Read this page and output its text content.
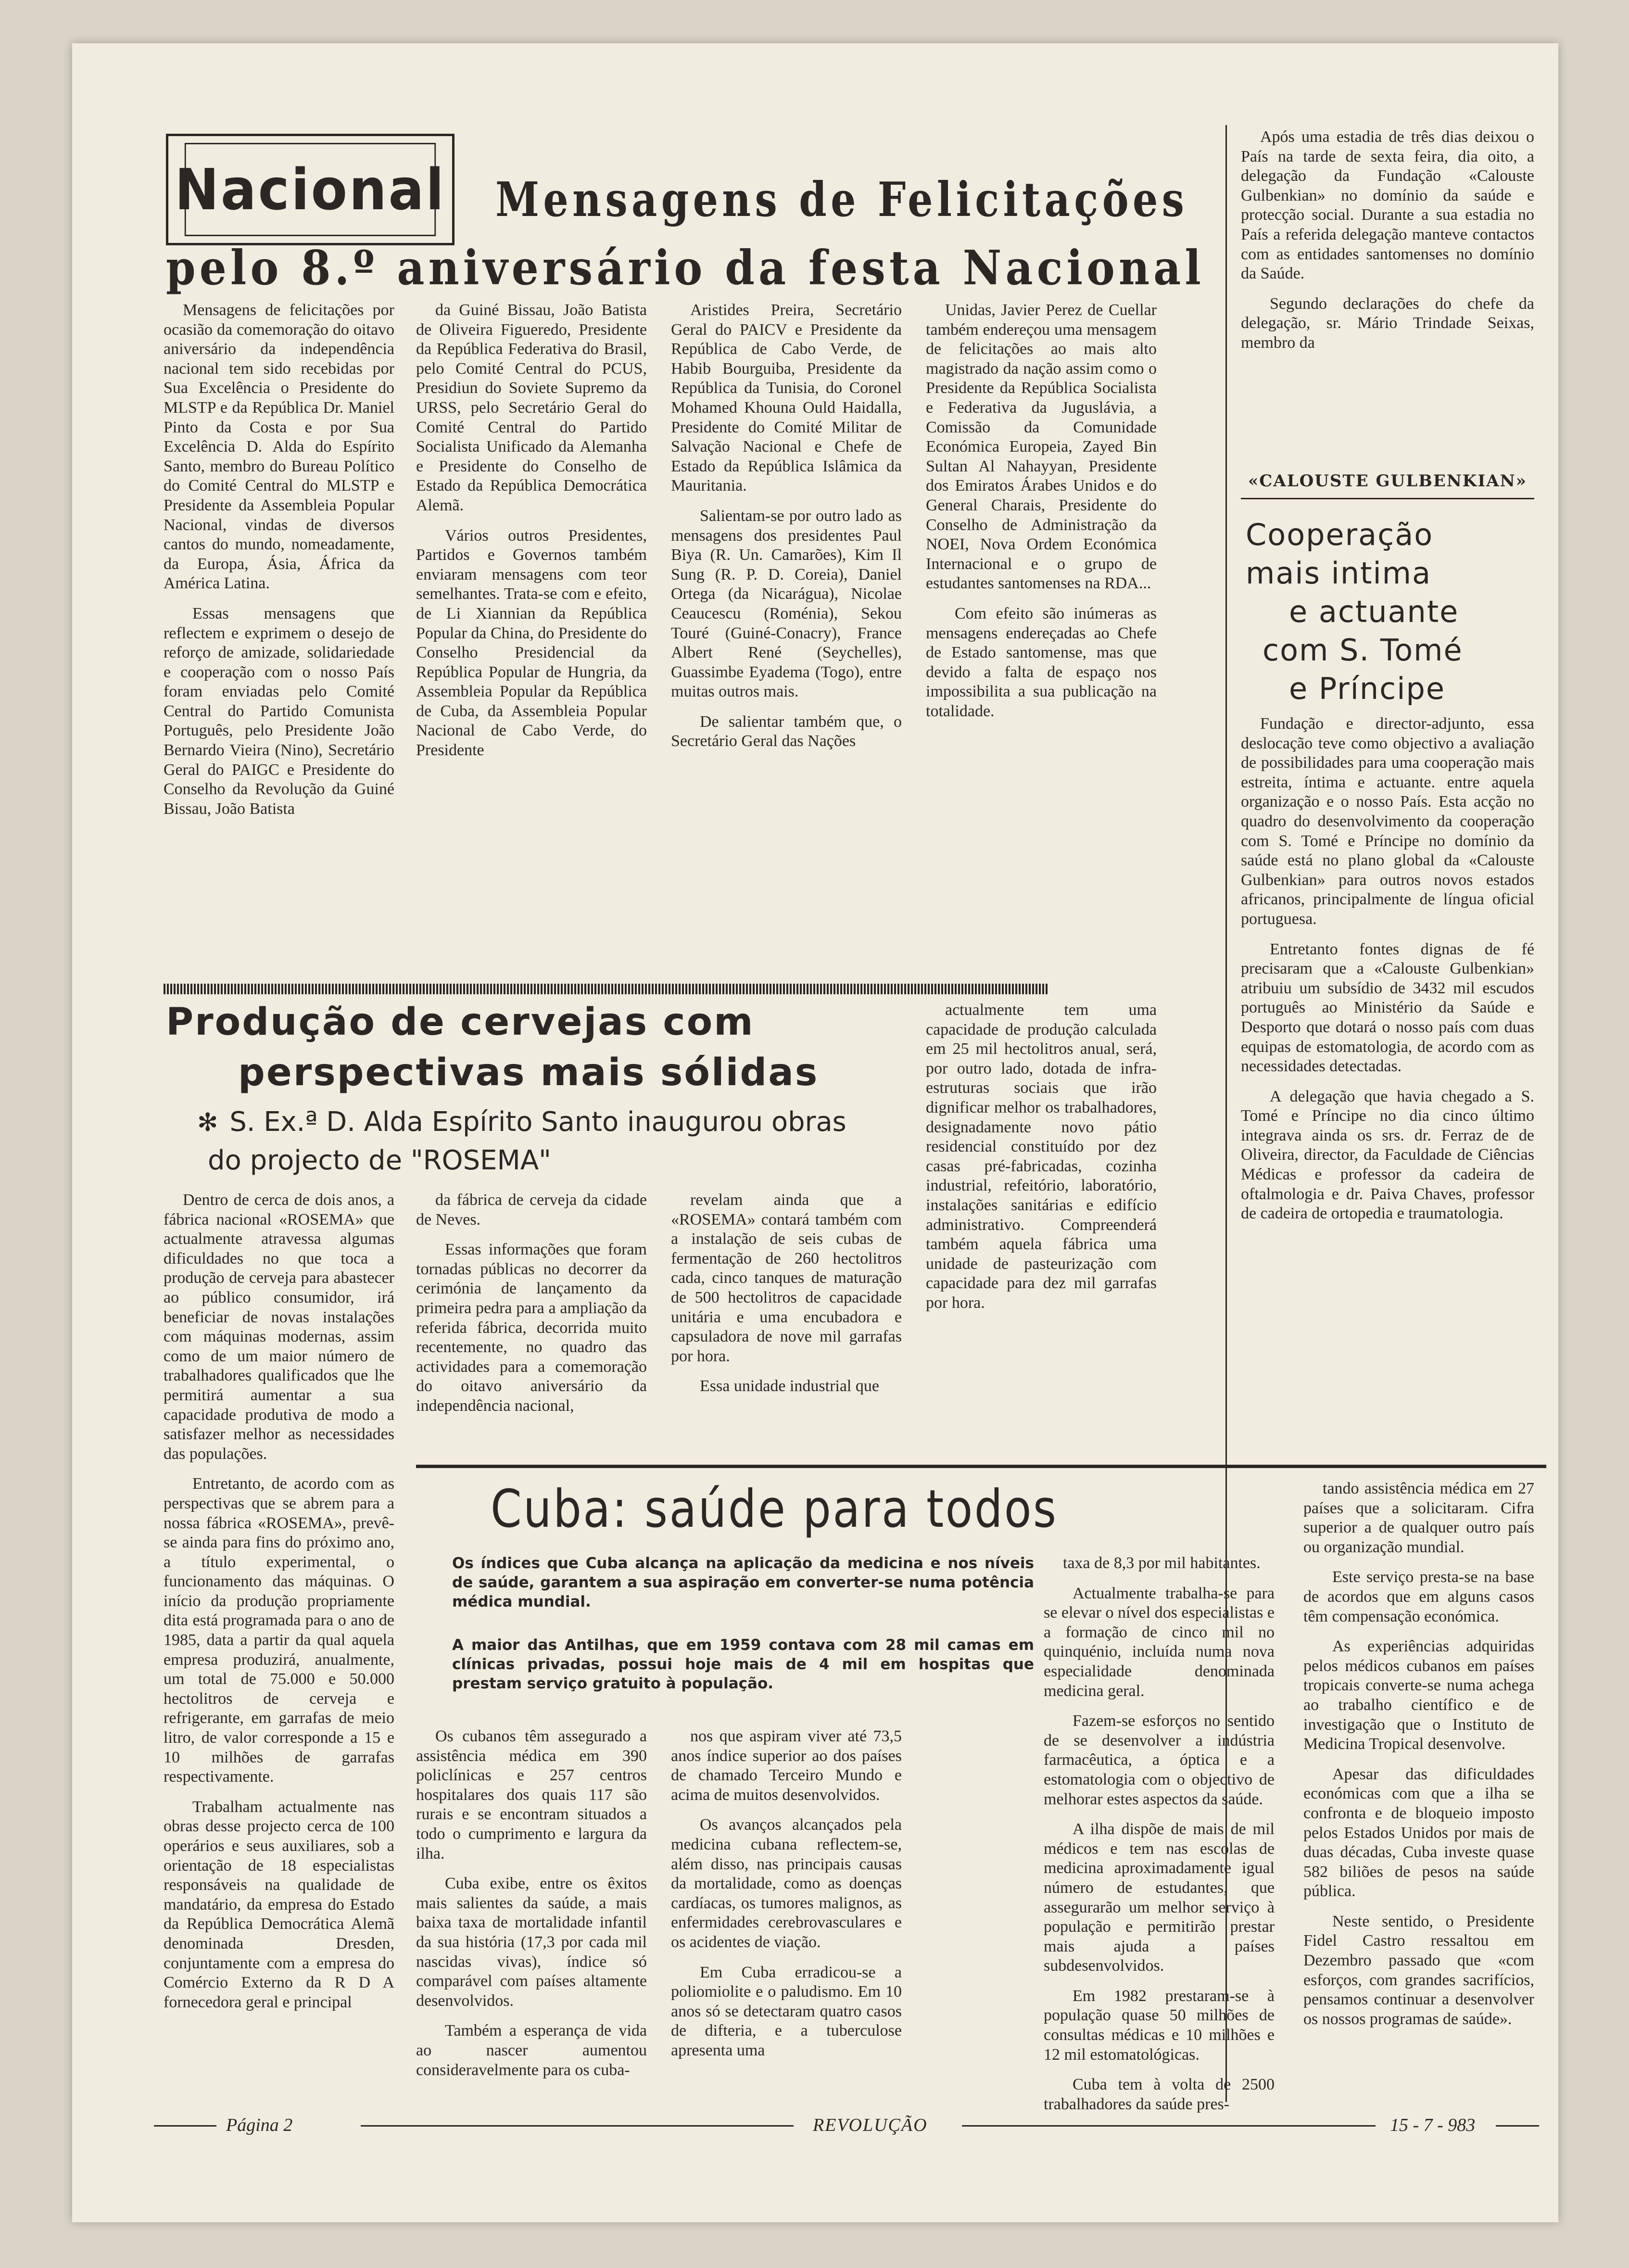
Nacional Mensagens de Felicitações
pelo 8.º aniversário da festa Nacional

Mensagens de felicitações por ocasião da comemoração do oitavo aniversário da independência nacional tem sido recebidas por Sua Excelência o Presidente do MLSTP e da República Dr. Maniel Pinto da Costa e por Sua Excelência D. Alda do Espírito Santo, membro do Bureau Político do Comité Central do MLSTP e Presidente da Assembleia Popular Nacional, vindas de diversos cantos do mundo, nomeadamente, da Europa, Ásia, África da América Latina.

Essas mensagens que reflectem e exprimem o desejo de reforço de amizade, solidariedade e cooperação com o nosso País foram enviadas pelo Comité Central do Partido Comunista Português, pelo Presidente João Bernardo Vieira (Nino), Secretário Geral do PAIGC e Presidente do Conselho da Revolução da Guiné Bissau, João Batista

da Guiné Bissau, João Batista de Oliveira Figueredo, Presidente da República Federativa do Brasil, pelo Comité Central do PCUS, Presidiun do Soviete Supremo da URSS, pelo Secretário Geral do Comité Central do Partido Socialista Unificado da Alemanha e Presidente do Conselho de Estado da República Democrática Alemã.

Vários outros Presidentes, Partidos e Governos também enviaram mensagens com teor semelhantes. Trata-se com e efeito, de Li Xiannian da República Popular da China, do Presidente do Conselho Presidencial da República Popular de Hungria, da Assembleia Popular da República de Cuba, da Assembleia Popular Nacional de Cabo Verde, do Presidente

Aristides Preira, Secretário Geral do PAICV e Presidente da República de Cabo Verde, de Habib Bourguiba, Presidente da República da Tunisia, do Coronel Mohamed Khouna Ould Haidalla, Presidente do Comité Militar de Salvação Nacional e Chefe de Estado da República Islâmica da Mauritania.

Salientam-se por outro lado as mensagens dos presidentes Paul Biya (R. Un. Camarões), Kim Il Sung (R. P. D. Coreia), Daniel Ortega (da Nicarágua), Nicolae Ceaucescu (Roménia), Sekou Touré (Guiné-Conacry), France Albert René (Seychelles), Guassimbe Eyadema (Togo), entre muitas outros mais.

De salientar também que, o Secretário Geral das Nações

Unidas, Javier Perez de Cuellar também endereçou uma mensagem de felicitações ao mais alto magistrado da nação assim como o Presidente da República Socialista e Federativa da Jugusláviа, a Comissão da Comunidade Económica Europeia, Zayed Bin Sultan Al Nahayyan, Presidente dos Emiratos Árabes Unidos e do General Charais, Presidente do Conselho de Administração da NOEI, Nova Ordem Económica Internacional e o grupo de estudantes santomenses na RDA...

Com efeito são inúmeras as mensagens endereçadas ao Chefe de Estado santomense, mas que devido a falta de espaço nos impossibilita a sua publicação na totalidade.

Produção de cervejas com
perspectivas mais sólidas
✻ S. Ex.ª D. Alda Espírito Santo inaugurou obras
do projecto de "ROSEMA"

Dentro de cerca de dois anos, a fábrica nacional «ROSEMA» que actualmente atravessa algumas dificuldades no que toca a produção de cerveja para abastecer ao público consumidor, irá beneficiar de novas instalações com máquinas modernas, assim como de um maior número de trabalhadores qualificados que lhe permitirá aumentar a sua capacidade produtiva de modo a satisfazer melhor as necessidades das populações.

Entretanto, de acordo com as perspectivas que se abrem para a nossa fábrica «ROSEMA», prevê-se ainda para fins do próximo ano, a título experimental, o funcionamento das máquinas. O início da produção propriamente dita está programada para o ano de 1985, data a partir da qual aquela empresa produzirá, anualmente, um total de 75.000 e 50.000 hectolitros de cerveja e refrigerante, em garrafas de meio litro, de valor corresponde a 15 e 10 milhões de garrafas respectivamente.

Trabalham actualmente nas obras desse projecto cerca de 100 operários e seus auxiliares, sob a orientação de 18 especialistas responsáveis na qualidade de mandatário, da empresa do Estado da República Democrática Alemã denominada Dresden, conjuntamente com a empresa do Comércio Externo da R D A fornecedora geral e principal

da fábrica de cerveja da cidade de Neves.

Essas informações que foram tornadas públicas no decorrer da cerimónia de lançamento da primeira pedra para a ampliação da referida fábrica, decorrida muito recentemente, no quadro das actividades para a comemoração do oitavo aniversário da independência nacional,

revelam ainda que a «ROSEMA» contará também com a instalação de seis cubas de fermentação de 260 hectolitros cada, cinco tanques de maturação de 500 hectolitros de capacidade unitária e uma encubadora e capsuladora de nove mil garrafas por hora.

Essa unidade industrial que

actualmente tem uma capacidade de produção calculada em 25 mil hectolitros anual, será, por outro lado, dotada de infra-estruturas sociais que irão dignificar melhor os trabalhadores, designadamente novo pátio residencial constituído por dez casas pré-fabricadas, cozinha industrial, refeitório, laboratório, instalações sanitárias e edifício administrativo. Compreenderá também aquela fábrica uma unidade de pasteurização com capacidade para dez mil garrafas por hora.

Cuba: saúde para todos
Os índices que Cuba alcança na aplicação da medicina e nos níveis de saúde, garantem a sua aspiração em converter-se numa potência médica mundial.
A maior das Antilhas, que em 1959 contava com 28 mil camas em clínicas privadas, possui hoje mais de 4 mil em hospitas que prestam serviço gratuito à população.

Os cubanos têm assegurado a assistência médica em 390 policlínicas e 257 centros hospitalares dos quais 117 são rurais e se encontram situados a todo o cumprimento e largura da ilha.

Cuba exibe, entre os êxitos mais salientes da saúde, a mais baixa taxa de mortalidade infantil da sua história (17,3 por cada mil nascidas vivas), índice só comparável com países altamente desenvolvidos.

Também a esperança de vida ao nascer aumentou consideravelmente para os cuba-

nos que aspiram viver até 73,5 anos índice superior ao dos países de chamado Terceiro Mundo e acima de muitos desenvolvidos.

Os avanços alcançados pela medicina cubana reflectem-se, além disso, nas principais causas da mortalidade, como as doenças cardíacas, os tumores malignos, as enfermidades cerebrovasculares e os acidentes de viação.

Em Cuba erradicou-se a poliomiolite e o paludismo. Em 10 anos só se detectaram quatro casos de difteria, e a tuberculose apresenta uma

taxa de 8,3 por mil habitantes.

Actualmente trabalha-se para se elevar o nível dos especialistas e a formação de cinco mil no quinquénio, incluída numa nova especialidade denominada medicina geral.

Fazem-se esforços no sentido de se desenvolver a indústria farmacêutica, a óptica e a estomatologia com o objectivo de melhorar estes aspectos da saúde.

A ilha dispõe de mais de mil médicos e tem nas escolas de medicina aproximadamente igual número de estudantes, que assegurarão um melhor serviço à população e permitirão prestar mais ajuda a países subdesenvolvidos.

Em 1982 prestaram-se à população quase 50 milhões de consultas médicas e 10 milhões e 12 mil estomatológicas.

Cuba tem à volta de 2500 trabalhadores da saúde pres-

tando assistência médica em 27 países que a solicitaram. Cifra superior a de qualquer outro país ou organização mundial.

Este serviço presta-se na base de acordos que em alguns casos têm compensação económica.

As experiências adquiridas pelos médicos cubanos em países tropicais converte-se numa achega ao trabalho científico e de investigação que o Instituto de Medicina Tropical desenvolve.

Apesar das dificuldades económicas com que a ilha se confronta e de bloqueio imposto pelos Estados Unidos por mais de duas décadas, Cuba investe quase 582 biliões de pesos na saúde pública.

Neste sentido, o Presidente Fidel Castro ressaltou em Dezembro passado que «com esforços, com grandes sacrifícios, pensamos continuar a desenvolver os nossos programas de saúde».

Após uma estadia de três dias deixou o País na tarde de sexta feira, dia oito, a delegação da Fundação «Calouste Gulbenkian» no domínio da saúde e protecção social. Durante a sua estadia no País a referida delegação manteve contactos com as entidades santomenses no domínio da Saúde.

Segundo declarações do chefe da delegação, sr. Mário Trindade Seixas, membro da

«CALOUSTE GULBENKIAN»
Cooperação
mais intima
e actuante
com S. Tomé
e Príncipe

Fundação e director-adjunto, essa deslocação teve como objectivo a avaliação de possibilidades para uma cooperação mais estreita, íntima e actuante. entre aquela organização e o nosso País. Esta acção no quadro do desenvolvimento da cooperação com S. Tomé e Príncipe no domínio da saúde está no plano global da «Calouste Gulbenkian» para outros novos estados africanos, principalmente de língua oficial portuguesa.

Entretanto fontes dignas de fé precisaram que a «Calouste Gulbenkian» atribuiu um subsídio de 3432 mil escudos português ao Ministério da Saúde e Desporto que dotará o nosso país com duas equipas de estomatologia, de acordo com as necessidades detectadas.

A delegação que havia chegado a S. Tomé e Príncipe no dia cinco último integrava ainda os srs. dr. Ferraz de de Oliveira, director, da Faculdade de Ciências Médicas e professor da cadeira de oftalmologia e dr. Paiva Chaves, professor de cadeira de ortopedia e traumatologia.

Página 2	REVOLUÇÃO	15 - 7 - 983
